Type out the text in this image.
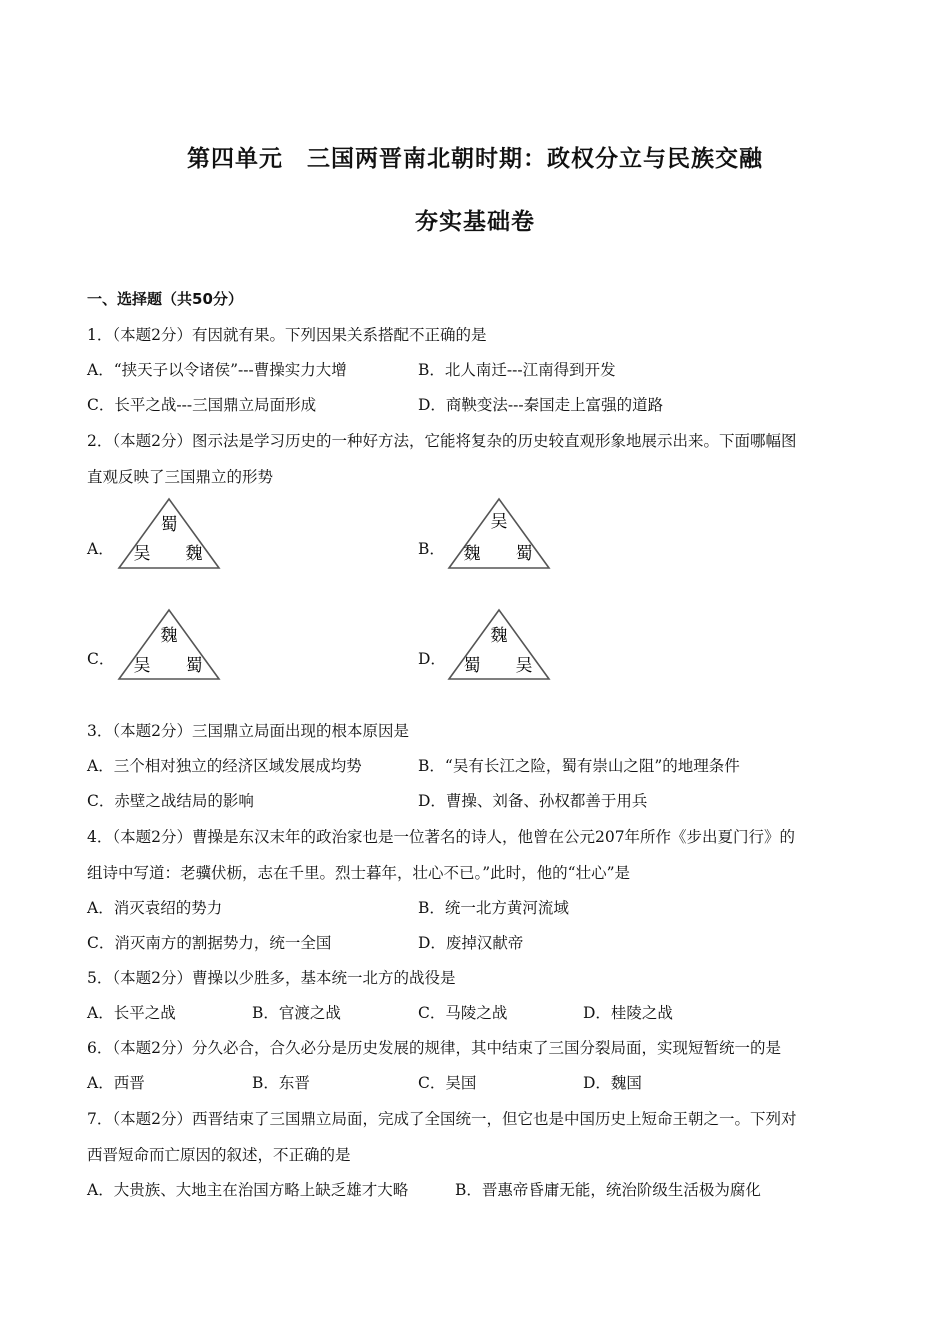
第四单元　三国两晋南北朝时期：政权分立与民族交融
夯实基础卷
一、选择题（共50分）
1．（本题2分）有因就有果。下列因果关系搭配不正确的是
A．“挟天子以令诸侯”---曹操实力大增	B．北人南迁---江南得到开发
C．长平之战---三国鼎立局面形成	D．商鞅变法---秦国走上富强的道路
2．（本题2分）图示法是学习历史的一种好方法，它能将复杂的历史较直观形象地展示出来。下面哪幅图
直观反映了三国鼎立的形势
A．
蜀
吴 魏	B．
吴
魏 蜀
C．
魏
吴 蜀	D．
魏
蜀 吴
3．（本题2分）三国鼎立局面出现的根本原因是
A．三个相对独立的经济区域发展成均势	B．“吴有长江之险，蜀有崇山之阻”的地理条件
C．赤壁之战结局的影响	D．曹操、刘备、孙权都善于用兵
4．（本题2分）曹操是东汉末年的政治家也是一位著名的诗人，他曾在公元207年所作《步出夏门行》的
组诗中写道：老骥伏枥，志在千里。烈士暮年，壮心不已。”此时，他的“壮心”是
A．消灭袁绍的势力	B．统一北方黄河流域
C．消灭南方的割据势力，统一全国	D．废掉汉献帝
5．（本题2分）曹操以少胜多，基本统一北方的战役是
A．长平之战	B．官渡之战	C．马陵之战	D．桂陵之战
6．（本题2分）分久必合，合久必分是历史发展的规律，其中结束了三国分裂局面，实现短暂统一的是
A．西晋	B．东晋	C．吴国	D．魏国
7．（本题2分）西晋结束了三国鼎立局面，完成了全国统一，但它也是中国历史上短命王朝之一。下列对
西晋短命而亡原因的叙述，不正确的是
A．大贵族、大地主在治国方略上缺乏雄才大略	B．晋惠帝昏庸无能，统治阶级生活极为腐化
